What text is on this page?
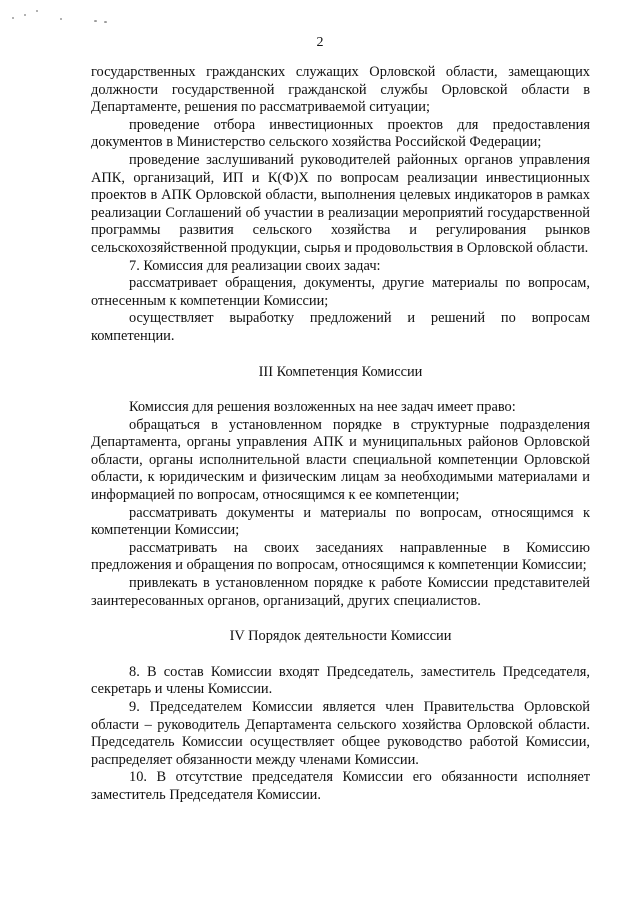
2

государственных гражданских служащих Орловской области, замещающих должности государственной гражданской службы Орловской области в Департаменте, решения по рассматриваемой ситуации;

проведение отбора инвестиционных проектов для предоставления документов в Министерство сельского хозяйства Российской Федерации;

проведение заслушиваний руководителей районных органов управления АПК, организаций, ИП и К(Ф)Х по вопросам реализации инвестиционных проектов в АПК Орловской области, выполнения целевых индикаторов в рамках реализации Соглашений об участии в реализации мероприятий государственной программы развития сельского хозяйства и регулирования рынков сельскохозяйственной продукции, сырья и продовольствия в Орловской области.

7. Комиссия для реализации своих задач:

рассматривает обращения, документы, другие материалы по вопросам, отнесенным к компетенции Комиссии;

осуществляет выработку предложений и решений по вопросам компетенции.

III Компетенция Комиссии

Комиссия для решения возложенных на нее задач имеет право:

обращаться в установленном порядке в структурные подразделения Департамента, органы управления АПК и муниципальных районов Орловской области, органы исполнительной власти специальной компетенции Орловской области, к юридическим и физическим лицам за необходимыми материалами и информацией по вопросам, относящимся к ее компетенции;

рассматривать документы и материалы по вопросам, относящимся к компетенции Комиссии;

рассматривать на своих заседаниях направленные в Комиссию предложения и обращения по вопросам, относящимся к компетенции Комиссии;

привлекать в установленном порядке к работе Комиссии представителей заинтересованных органов, организаций, других специалистов.

IV Порядок деятельности Комиссии

8. В состав Комиссии входят Председатель, заместитель Председателя, секретарь и члены Комиссии.

9. Председателем Комиссии является член Правительства Орловской области – руководитель Департамента сельского хозяйства Орловской области. Председатель Комиссии осуществляет общее руководство работой Комиссии, распределяет обязанности между членами Комиссии.

10. В отсутствие председателя Комиссии его обязанности исполняет заместитель Председателя Комиссии.
